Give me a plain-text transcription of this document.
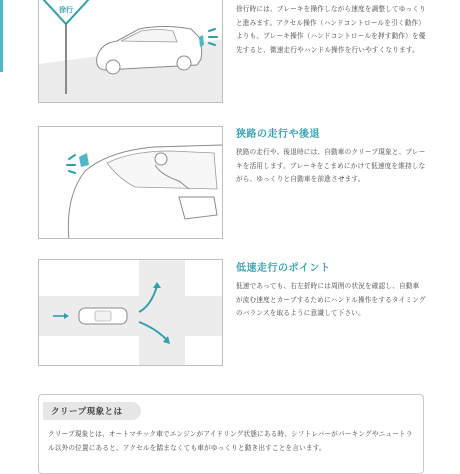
徐行	徐行時には、ブレーキを操作しながら速度を調整してゆっくりと進みます。アクセル操作（ハンドコントロールを引く動作）よりも、ブレーキ操作（ハンドコントロールを押す動作）を優先すると、微速走行やハンドル操作を行いやすくなります。

狭路の走行や後退

狭路の走行や、後退時には、自動車のクリープ現象と、ブレーキを活用します。ブレーキをこまめにかけて低速度を維持しながら、ゆっくりと自動車を前進させます。

低速走行のポイント

低速であっても、右左折時には周囲の状況を確認し、自動車が流む速度とカーブするためにハンドル操作をするタイミングのバランスを取るように意識して下さい。

クリープ現象とは

クリープ現象とは、オートマチック車でエンジンがアイドリング状態にある時、シフトレバーがパーキングやニュートラル以外の位置にあると、アクセルを踏まなくても車がゆっくりと動き出すことを言います。
